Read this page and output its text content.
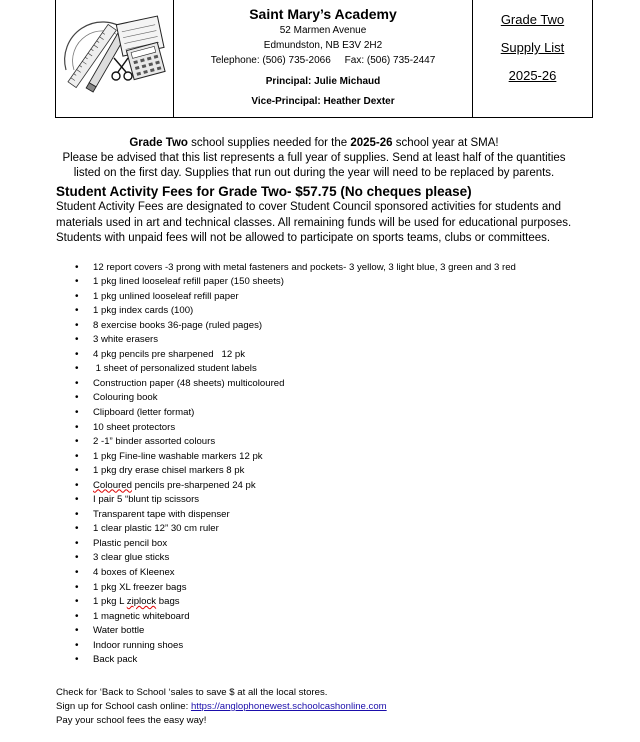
Saint Mary’s Academy
52 Marmen Avenue
Edmundston, NB E3V 2H2
Telephone: (506) 735-2066     Fax: (506) 735-2447
Principal: Julie Michaud
Vice-Principal: Heather Dexter
Grade Two
Supply List
2025-26
Grade Two school supplies needed for the 2025-26 school year at SMA!
Please be advised that this list represents a full year of supplies. Send at least half of the quantities listed on the first day. Supplies that run out during the year will need to be replaced by parents.
Student Activity Fees for Grade Two- $57.75 (No cheques please)
Student Activity Fees are designated to cover Student Council sponsored activities for students and materials used in art and technical classes. All remaining funds will be used for educational purposes. Students with unpaid fees will not be allowed to participate on sports teams, clubs or committees.
• 12 report covers -3 prong with metal fasteners and pockets- 3 yellow, 3 light blue, 3 green and 3 red
• 1 pkg lined looseleaf refill paper (150 sheets)
• 1 pkg unlined looseleaf refill paper
• 1 pkg index cards (100)
• 8 exercise books 36-page (ruled pages)
• 3 white erasers
• 4 pkg pencils pre sharpened   12 pk
• 1 sheet of personalized student labels
• Construction paper (48 sheets) multicoloured
• Colouring book
• Clipboard (letter format)
• 10 sheet protectors
• 2 -1” binder assorted colours
• 1 pkg Fine-line washable markers 12 pk
• 1 pkg dry erase chisel markers 8 pk
• Coloured pencils pre-sharpened 24 pk
• I pair 5 “blunt tip scissors
• Transparent tape with dispenser
• 1 clear plastic 12” 30 cm ruler
• Plastic pencil box
• 3 clear glue sticks
• 4 boxes of Kleenex
• 1 pkg XL freezer bags
• 1 pkg L ziplock bags
• 1 magnetic whiteboard
• Water bottle
• Indoor running shoes
• Back pack
Check for ‘Back to School ‘sales to save $ at all the local stores.
Sign up for School cash online: https://anglophonewest.schoolcashonline.com
Pay your school fees the easy way!
